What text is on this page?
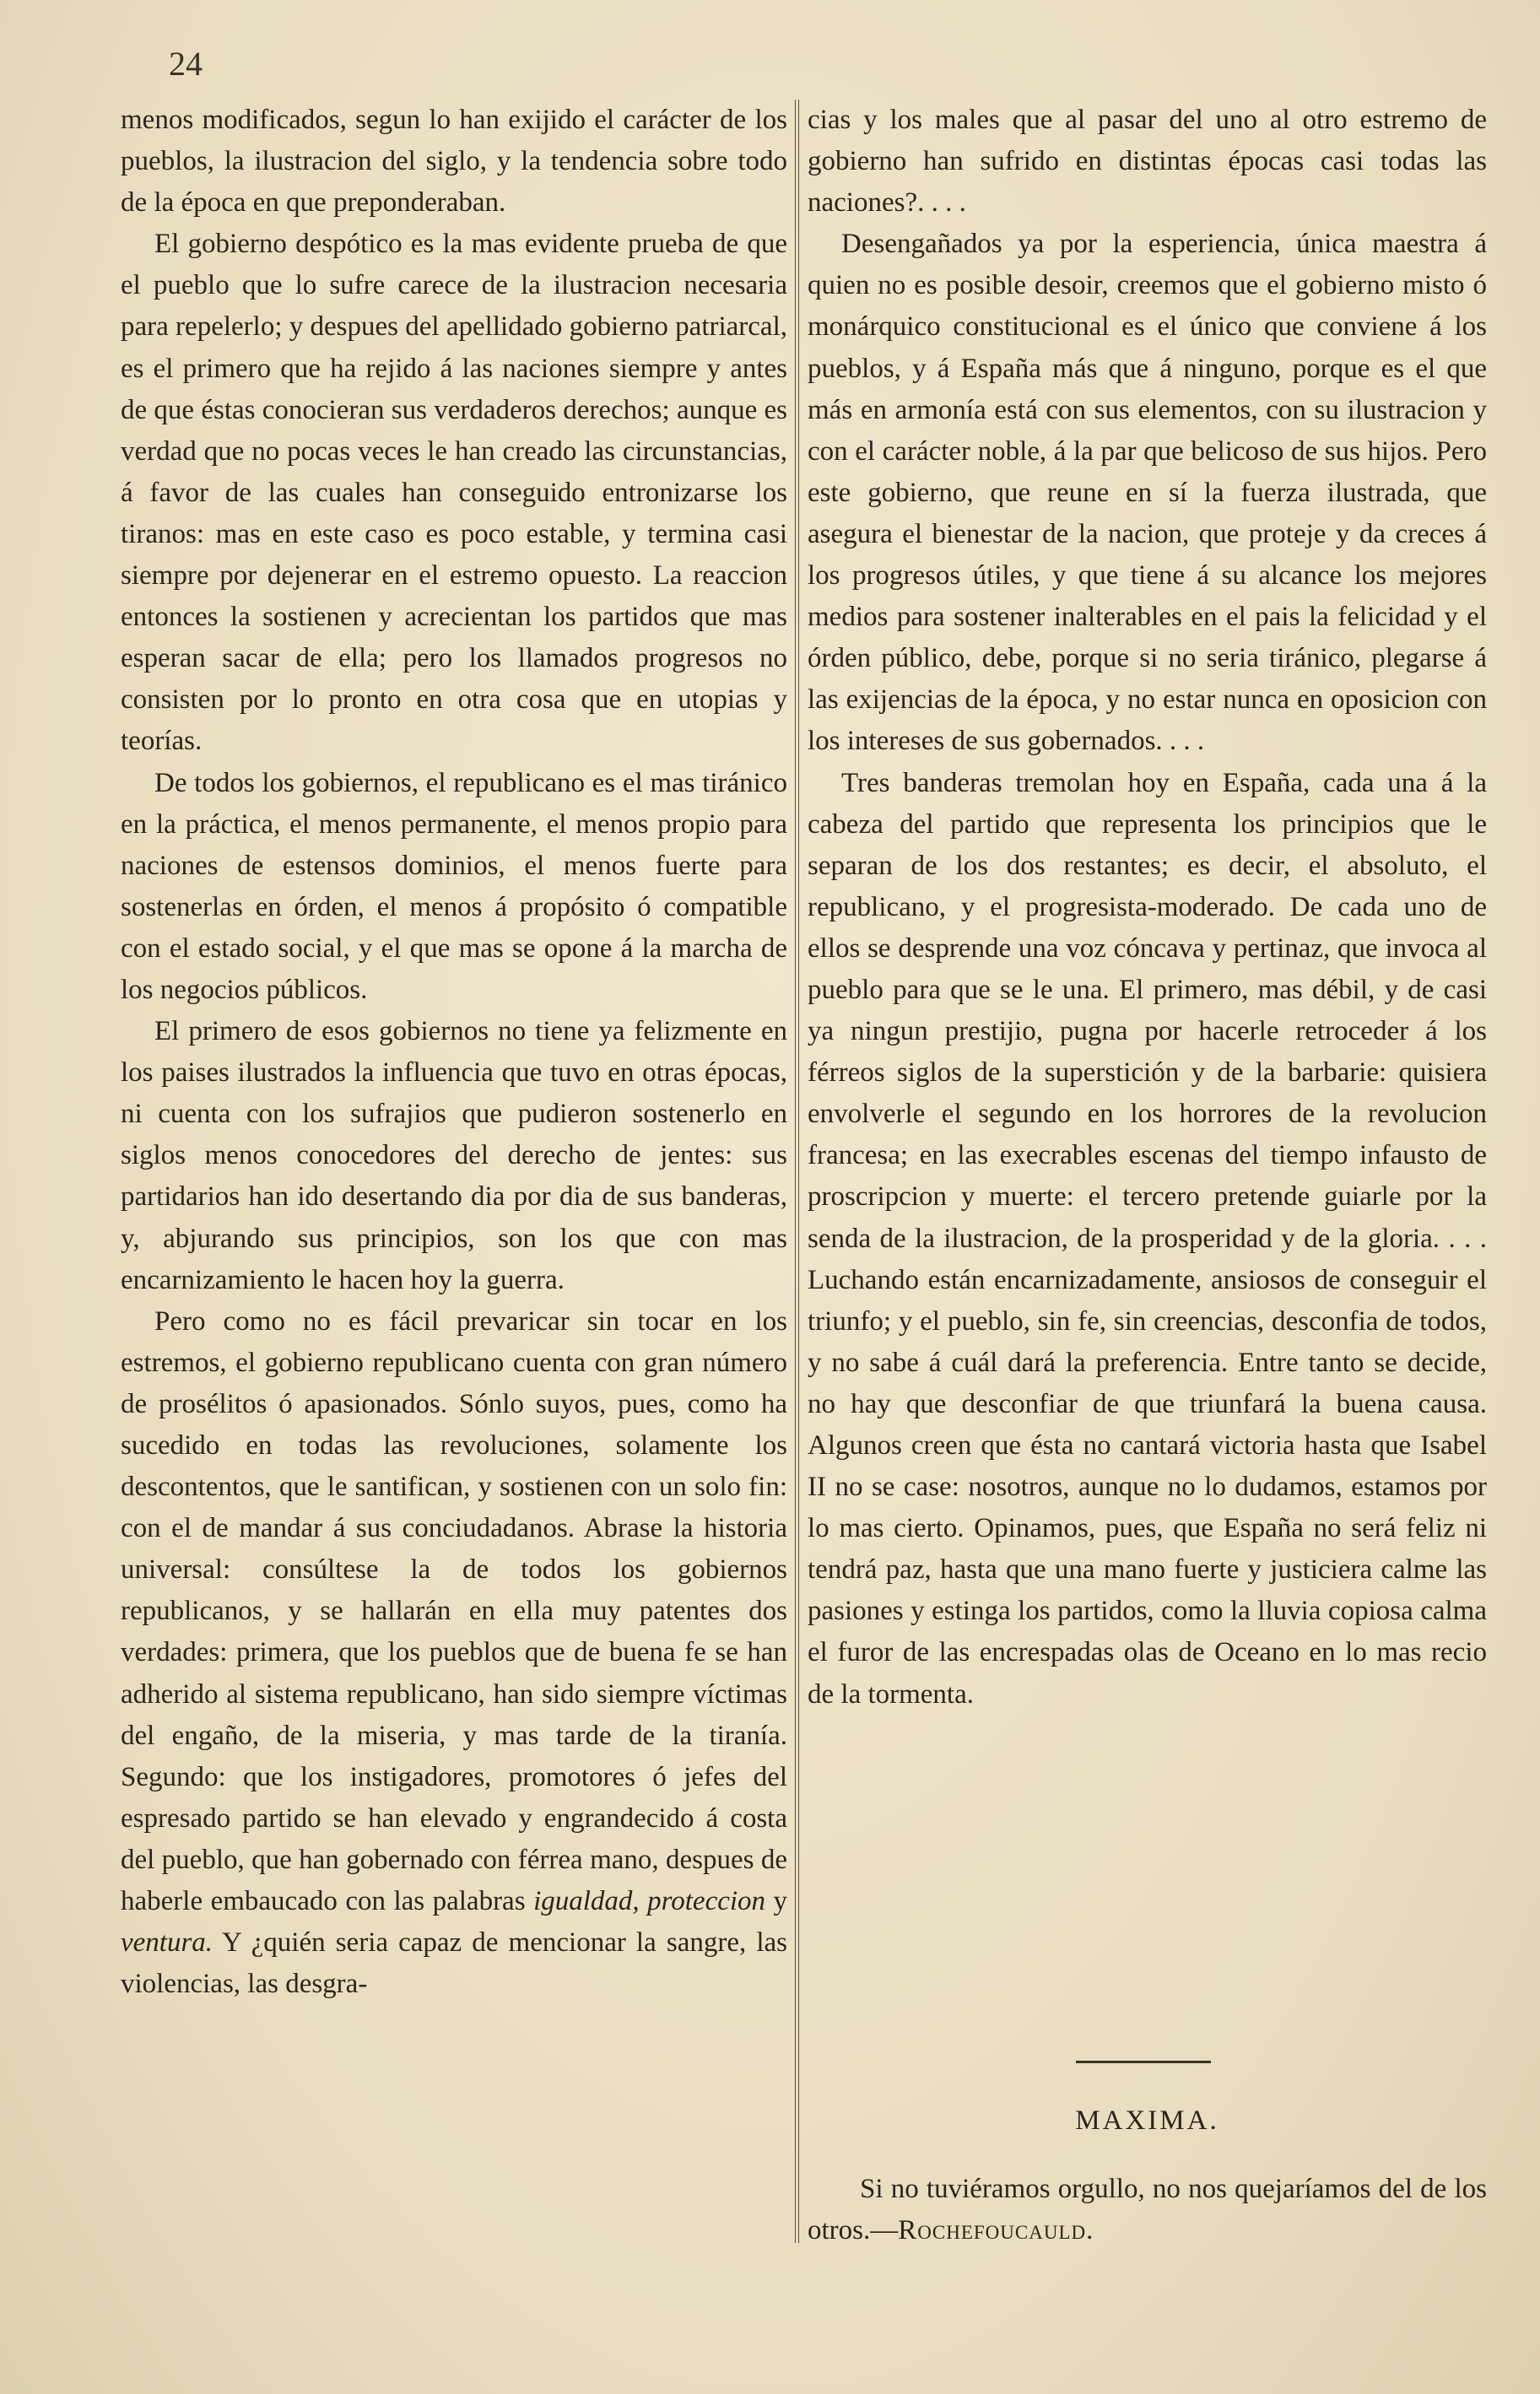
24

menos modificados, segun lo han exijido el carácter de los pueblos, la ilustracion del siglo, y la tendencia sobre todo de la época en que preponderaban.

El gobierno despótico es la mas evidente prueba de que el pueblo que lo sufre carece de la ilustracion necesaria para repelerlo; y despues del apellidado gobierno patriarcal, es el primero que ha rejido á las naciones siempre y antes de que éstas conocieran sus verdaderos derechos; aunque es verdad que no pocas veces le han creado las circunstancias, á favor de las cuales han conseguido entronizarse los tiranos: mas en este caso es poco estable, y termina casi siempre por dejenerar en el estremo opuesto. La reaccion entonces la sostienen y acrecientan los partidos que mas esperan sacar de ella; pero los llamados progresos no consisten por lo pronto en otra cosa que en utopias y teorías.

De todos los gobiernos, el republicano es el mas tiránico en la práctica, el menos permanente, el menos propio para naciones de estensos dominios, el menos fuerte para sostenerlas en órden, el menos á propósito ó compatible con el estado social, y el que mas se opone á la marcha de los negocios públicos.

El primero de esos gobiernos no tiene ya felizmente en los paises ilustrados la influencia que tuvo en otras épocas, ni cuenta con los sufrajios que pudieron sostenerlo en siglos menos conocedores del derecho de jentes: sus partidarios han ido desertando dia por dia de sus banderas, y, abjurando sus principios, son los que con mas encarnizamiento le hacen hoy la guerra.

Pero como no es fácil prevaricar sin tocar en los estremos, el gobierno republicano cuenta con gran número de prosélitos ó apasionados. Sónlo suyos, pues, como ha sucedido en todas las revoluciones, solamente los descontentos, que le santifican, y sostienen con un solo fin: con el de mandar á sus conciudadanos. Abrase la historia universal: consúltese la de todos los gobiernos republicanos, y se hallarán en ella muy patentes dos verdades: primera, que los pueblos que de buena fe se han adherido al sistema republicano, han sido siempre víctimas del engaño, de la miseria, y mas tarde de la tiranía. Segundo: que los instigadores, promotores ó jefes del espresado partido se han elevado y engrandecido á costa del pueblo, que han gobernado con férrea mano, despues de haberle embaucado con las palabras igualdad, proteccion y ventura. Y ¿quién seria capaz de mencionar la sangre, las violencias, las desgra-

cias y los males que al pasar del uno al otro estremo de gobierno han sufrido en distintas épocas casi todas las naciones?. . . .

Desengañados ya por la esperiencia, única maestra á quien no es posible desoir, creemos que el gobierno misto ó monárquico constitucional es el único que conviene á los pueblos, y á España más que á ninguno, porque es el que más en armonía está con sus elementos, con su ilustracion y con el carácter noble, á la par que belicoso de sus hijos. Pero este gobierno, que reune en sí la fuerza ilustrada, que asegura el bienestar de la nacion, que proteje y da creces á los progresos útiles, y que tiene á su alcance los mejores medios para sostener inalterables en el pais la felicidad y el órden público, debe, porque si no seria tiránico, plegarse á las exijencias de la época, y no estar nunca en oposicion con los intereses de sus gobernados. . . .

Tres banderas tremolan hoy en España, cada una á la cabeza del partido que representa los principios que le separan de los dos restantes; es decir, el absoluto, el republicano, y el progresista-moderado. De cada uno de ellos se desprende una voz cóncava y pertinaz, que invoca al pueblo para que se le una. El primero, mas débil, y de casi ya ningun prestijio, pugna por hacerle retroceder á los férreos siglos de la superstición y de la barbarie: quisiera envolverle el segundo en los horrores de la revolucion francesa; en las execrables escenas del tiempo infausto de proscripcion y muerte: el tercero pretende guiarle por la senda de la ilustracion, de la prosperidad y de la gloria. . . . Luchando están encarnizadamente, ansiosos de conseguir el triunfo; y el pueblo, sin fe, sin creencias, desconfia de todos, y no sabe á cuál dará la preferencia. Entre tanto se decide, no hay que desconfiar de que triunfará la buena causa. Algunos creen que ésta no cantará victoria hasta que Isabel II no se case: nosotros, aunque no lo dudamos, estamos por lo mas cierto. Opinamos, pues, que España no será feliz ni tendrá paz, hasta que una mano fuerte y justiciera calme las pasiones y estinga los partidos, como la lluvia copiosa calma el furor de las encrespadas olas de Oceano en lo mas recio de la tormenta.

MAXIMA.
Si no tuviéramos orgullo, no nos quejaríamos del de los otros.—Rochefoucauld.
